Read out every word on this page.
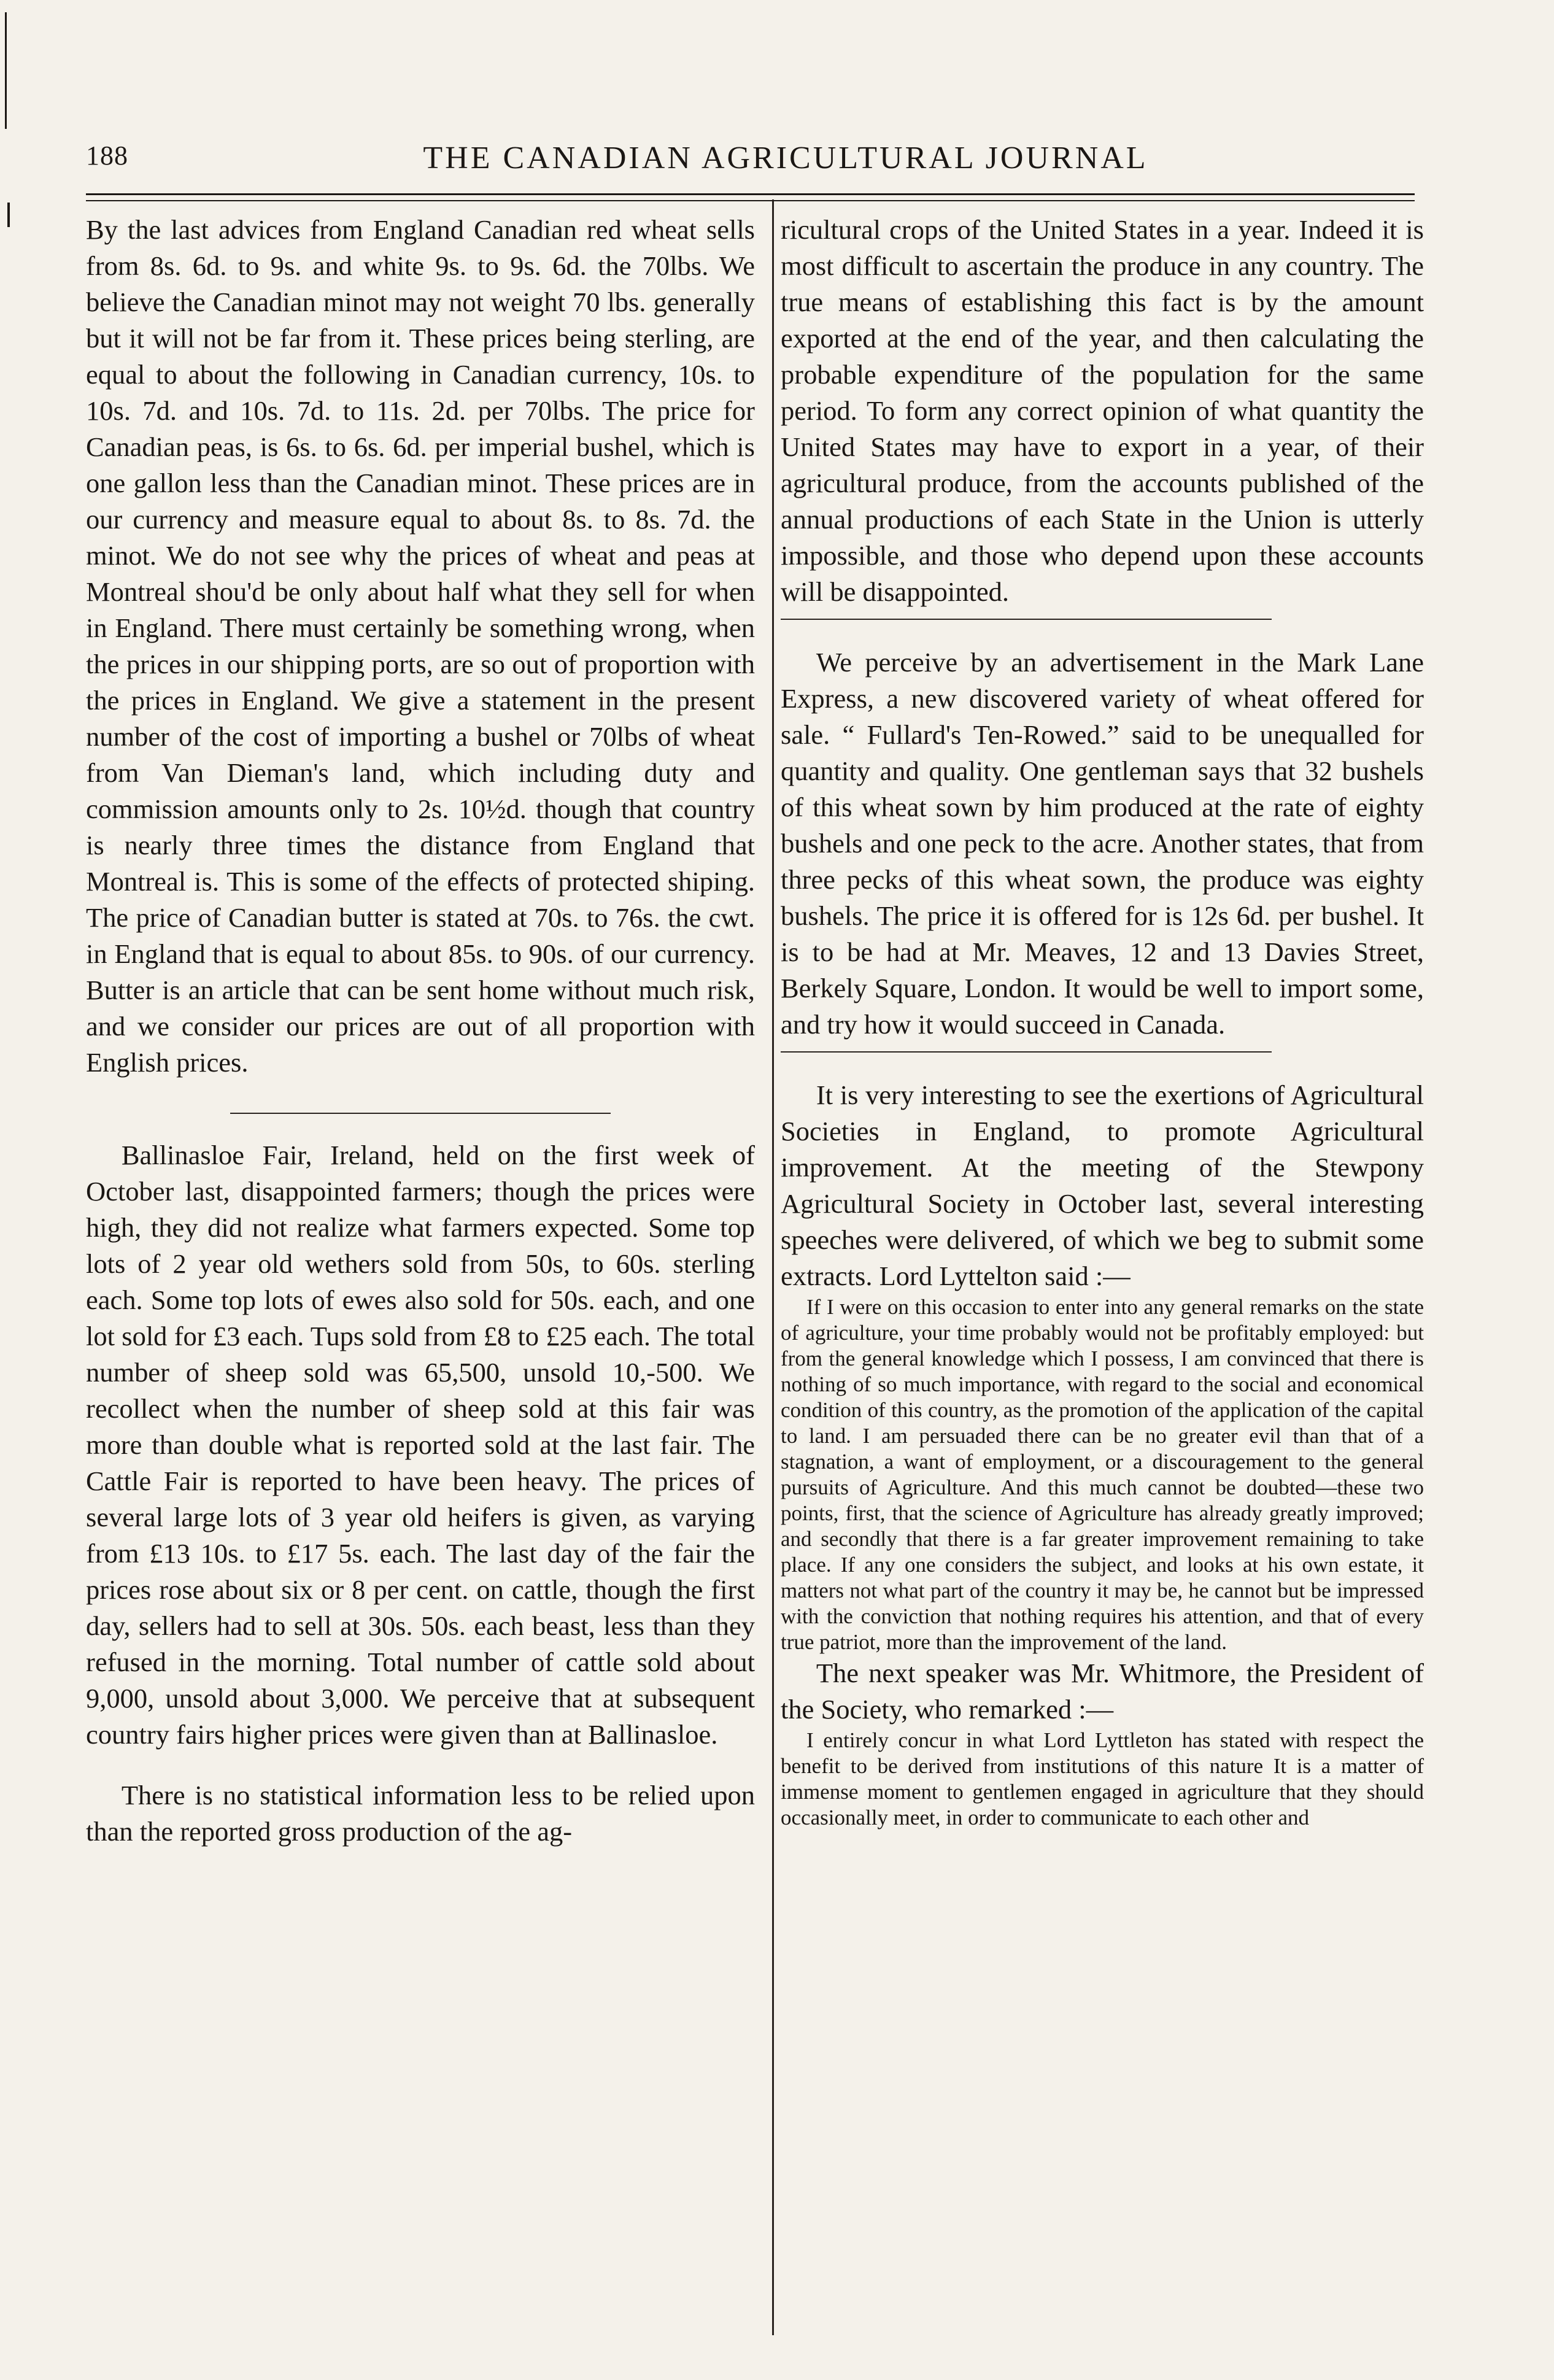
188	THE CANADIAN AGRICULTURAL JOURNAL

By the last advices from England Canadian red wheat sells from 8s. 6d. to 9s. and white 9s. to 9s. 6d. the 70lbs. We believe the Canadian minot may not weight 70 lbs. generally but it will not be far from it. These prices being sterling, are equal to about the following in Canadian currency, 10s. to 10s. 7d. and 10s. 7d. to 11s. 2d. per 70lbs. The price for Canadian peas, is 6s. to 6s. 6d. per imperial bushel, which is one gallon less than the Canadian minot. These prices are in our currency and measure equal to about 8s. to 8s. 7d. the minot. We do not see why the prices of wheat and peas at Montreal shou'd be only about half what they sell for when in England. There must certainly be something wrong, when the prices in our shipping ports, are so out of proportion with the prices in England. We give a statement in the present number of the cost of importing a bushel or 70lbs of wheat from Van Dieman's land, which including duty and commission amounts only to 2s. 10½d. though that country is nearly three times the distance from England that Montreal is. This is some of the effects of protected shiping. The price of Canadian butter is stated at 70s. to 76s. the cwt. in England that is equal to about 85s. to 90s. of our currency. Butter is an article that can be sent home without much risk, and we consider our prices are out of all proportion with English prices.

Ballinasloe Fair, Ireland, held on the first week of October last, disappointed farmers; though the prices were high, they did not realize what farmers expected. Some top lots of 2 year old wethers sold from 50s, to 60s. sterling each. Some top lots of ewes also sold for 50s. each, and one lot sold for £3 each. Tups sold from £8 to £25 each. The total number of sheep sold was 65,500, unsold 10,-500. We recollect when the number of sheep sold at this fair was more than double what is reported sold at the last fair. The Cattle Fair is reported to have been heavy. The prices of several large lots of 3 year old heifers is given, as varying from £13 10s. to £17 5s. each. The last day of the fair the prices rose about six or 8 per cent. on cattle, though the first day, sellers had to sell at 30s. 50s. each beast, less than they refused in the morning. Total number of cattle sold about 9,000, unsold about 3,000. We perceive that at subsequent country fairs higher prices were given than at Ballinasloe.

There is no statistical information less to be relied upon than the reported gross production of the ag-

ricultural crops of the United States in a year. Indeed it is most difficult to ascertain the produce in any country. The true means of establishing this fact is by the amount exported at the end of the year, and then calculating the probable expenditure of the population for the same period. To form any correct opinion of what quantity the United States may have to export in a year, of their agricultural produce, from the accounts published of the annual productions of each State in the Union is utterly impossible, and those who depend upon these accounts will be disappointed.

We perceive by an advertisement in the Mark Lane Express, a new discovered variety of wheat offered for sale. “ Fullard's Ten-Rowed.” said to be unequalled for quantity and quality. One gentleman says that 32 bushels of this wheat sown by him produced at the rate of eighty bushels and one peck to the acre. Another states, that from three pecks of this wheat sown, the produce was eighty bushels. The price it is offered for is 12s 6d. per bushel. It is to be had at Mr. Meaves, 12 and 13 Davies Street, Berkely Square, London. It would be well to import some, and try how it would succeed in Canada.

It is very interesting to see the exertions of Agricultural Societies in England, to promote Agricultural improvement. At the meeting of the Stewpony Agricultural Society in October last, several interesting speeches were delivered, of which we beg to submit some extracts. Lord Lyttelton said :—

If I were on this occasion to enter into any general remarks on the state of agriculture, your time probably would not be profitably employed: but from the general knowledge which I possess, I am convinced that there is nothing of so much importance, with regard to the social and economical condition of this country, as the promotion of the application of the capital to land. I am persuaded there can be no greater evil than that of a stagnation, a want of employment, or a discouragement to the general pursuits of Agriculture. And this much cannot be doubted—these two points, first, that the science of Agriculture has already greatly improved; and secondly that there is a far greater improvement remaining to take place. If any one considers the subject, and looks at his own estate, it matters not what part of the country it may be, he cannot but be impressed with the conviction that nothing requires his attention, and that of every true patriot, more than the improvement of the land.

The next speaker was Mr. Whitmore, the President of the Society, who remarked :—

I entirely concur in what Lord Lyttleton has stated with respect the benefit to be derived from institutions of this nature It is a matter of immense moment to gentlemen engaged in agriculture that they should occasionally meet, in order to communicate to each other and
